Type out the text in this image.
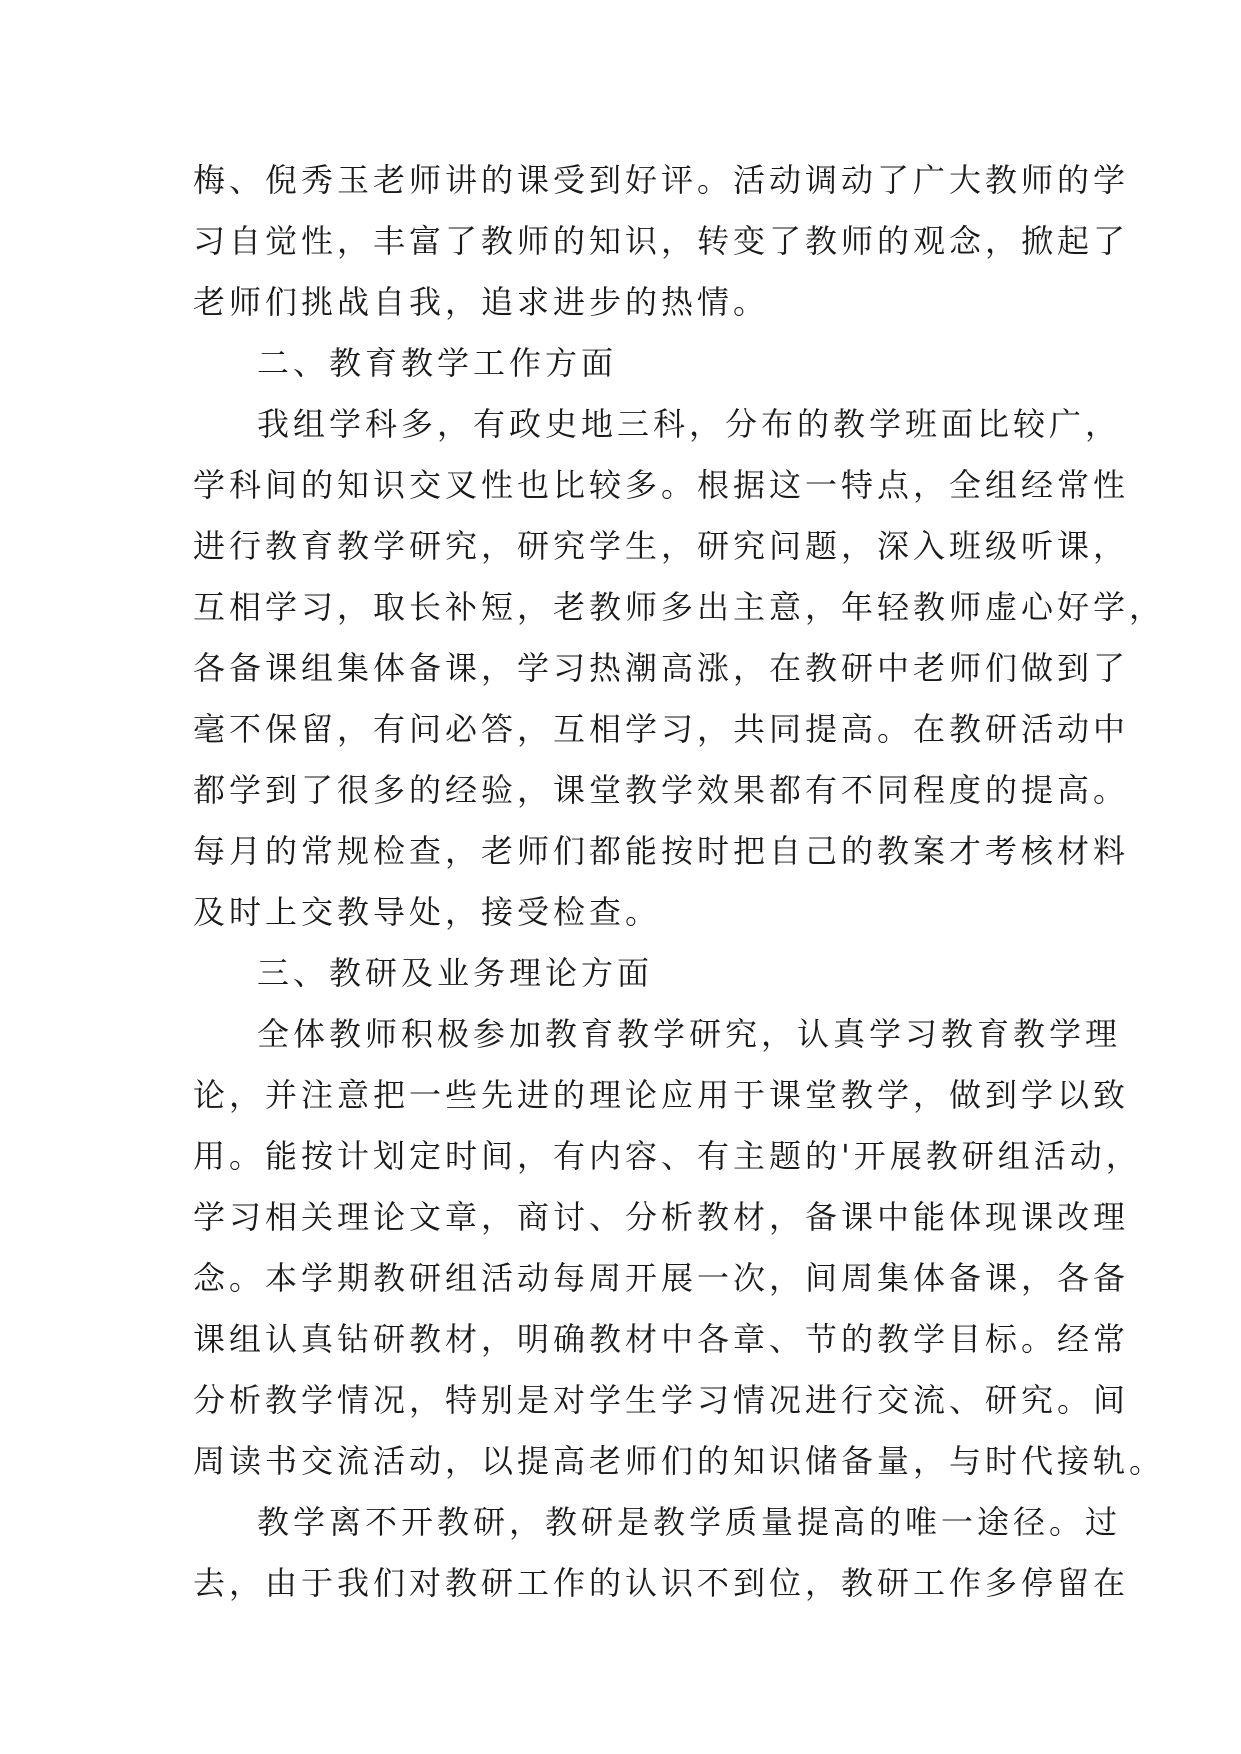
梅、倪秀玉老师讲的课受到好评。活动调动了广大教师的学
习自觉性，丰富了教师的知识，转变了教师的观念，掀起了
老师们挑战自我，追求进步的热情。
二、教育教学工作方面
我组学科多，有政史地三科，分布的教学班面比较广，
学科间的知识交叉性也比较多。根据这一特点，全组经常性
进行教育教学研究，研究学生，研究问题，深入班级听课，
互相学习，取长补短，老教师多出主意，年轻教师虚心好学，
各备课组集体备课，学习热潮高涨，在教研中老师们做到了
毫不保留，有问必答，互相学习，共同提高。在教研活动中
都学到了很多的经验，课堂教学效果都有不同程度的提高。
每月的常规检查，老师们都能按时把自己的教案才考核材料
及时上交教导处，接受检查。
三、教研及业务理论方面
全体教师积极参加教育教学研究，认真学习教育教学理
论，并注意把一些先进的理论应用于课堂教学，做到学以致
用。能按计划定时间，有内容、有主题的'开展教研组活动，
学习相关理论文章，商讨、分析教材，备课中能体现课改理
念。本学期教研组活动每周开展一次，间周集体备课，各备
课组认真钻研教材，明确教材中各章、节的教学目标。经常
分析教学情况，特别是对学生学习情况进行交流、研究。间
周读书交流活动，以提高老师们的知识储备量，与时代接轨。
教学离不开教研，教研是教学质量提高的唯一途径。过
去，由于我们对教研工作的认识不到位，教研工作多停留在
